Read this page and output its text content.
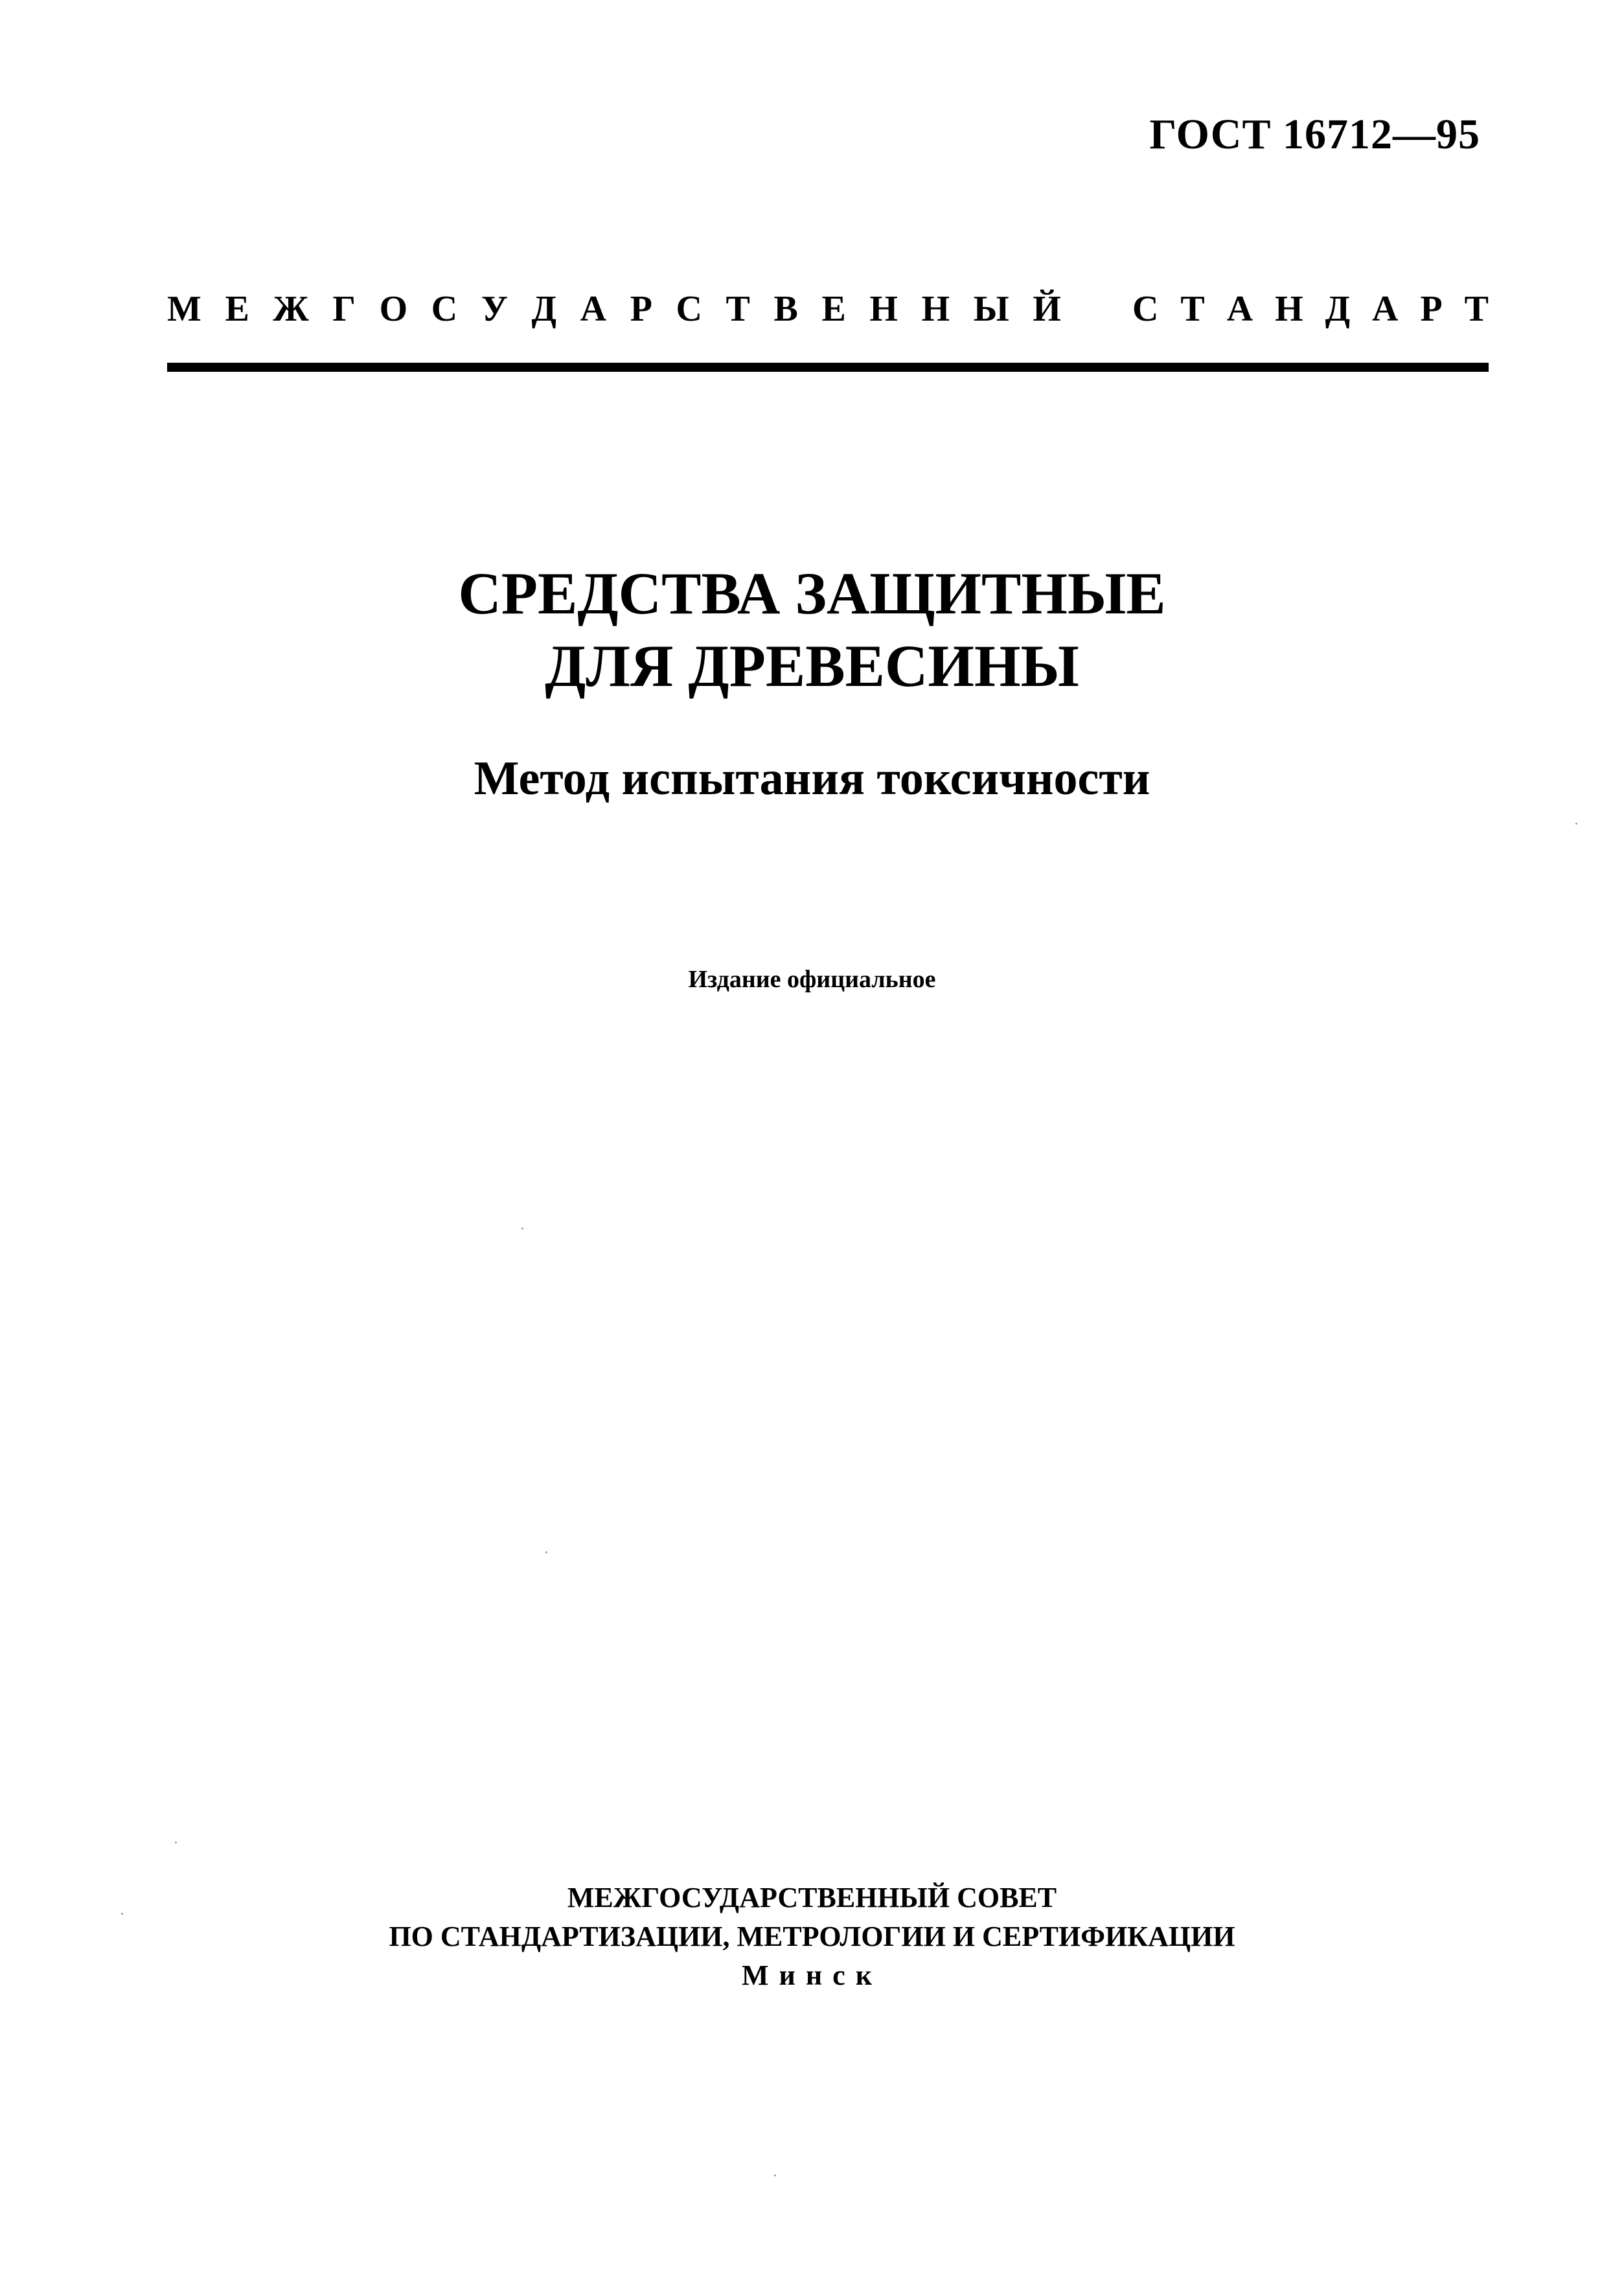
ГОСТ 16712—95
М Е Ж Г О С У Д А Р С Т В Е Н Н Ы Й С Т А Н Д А Р Т
СРЕДСТВА ЗАЩИТНЫЕ
ДЛЯ ДРЕВЕСИНЫ
Метод испытания токсичности
Издание официальное
МЕЖГОСУДАРСТВЕННЫЙ СОВЕТ
ПО СТАНДАРТИЗАЦИИ, МЕТРОЛОГИИ И СЕРТИФИКАЦИИ
Минск
